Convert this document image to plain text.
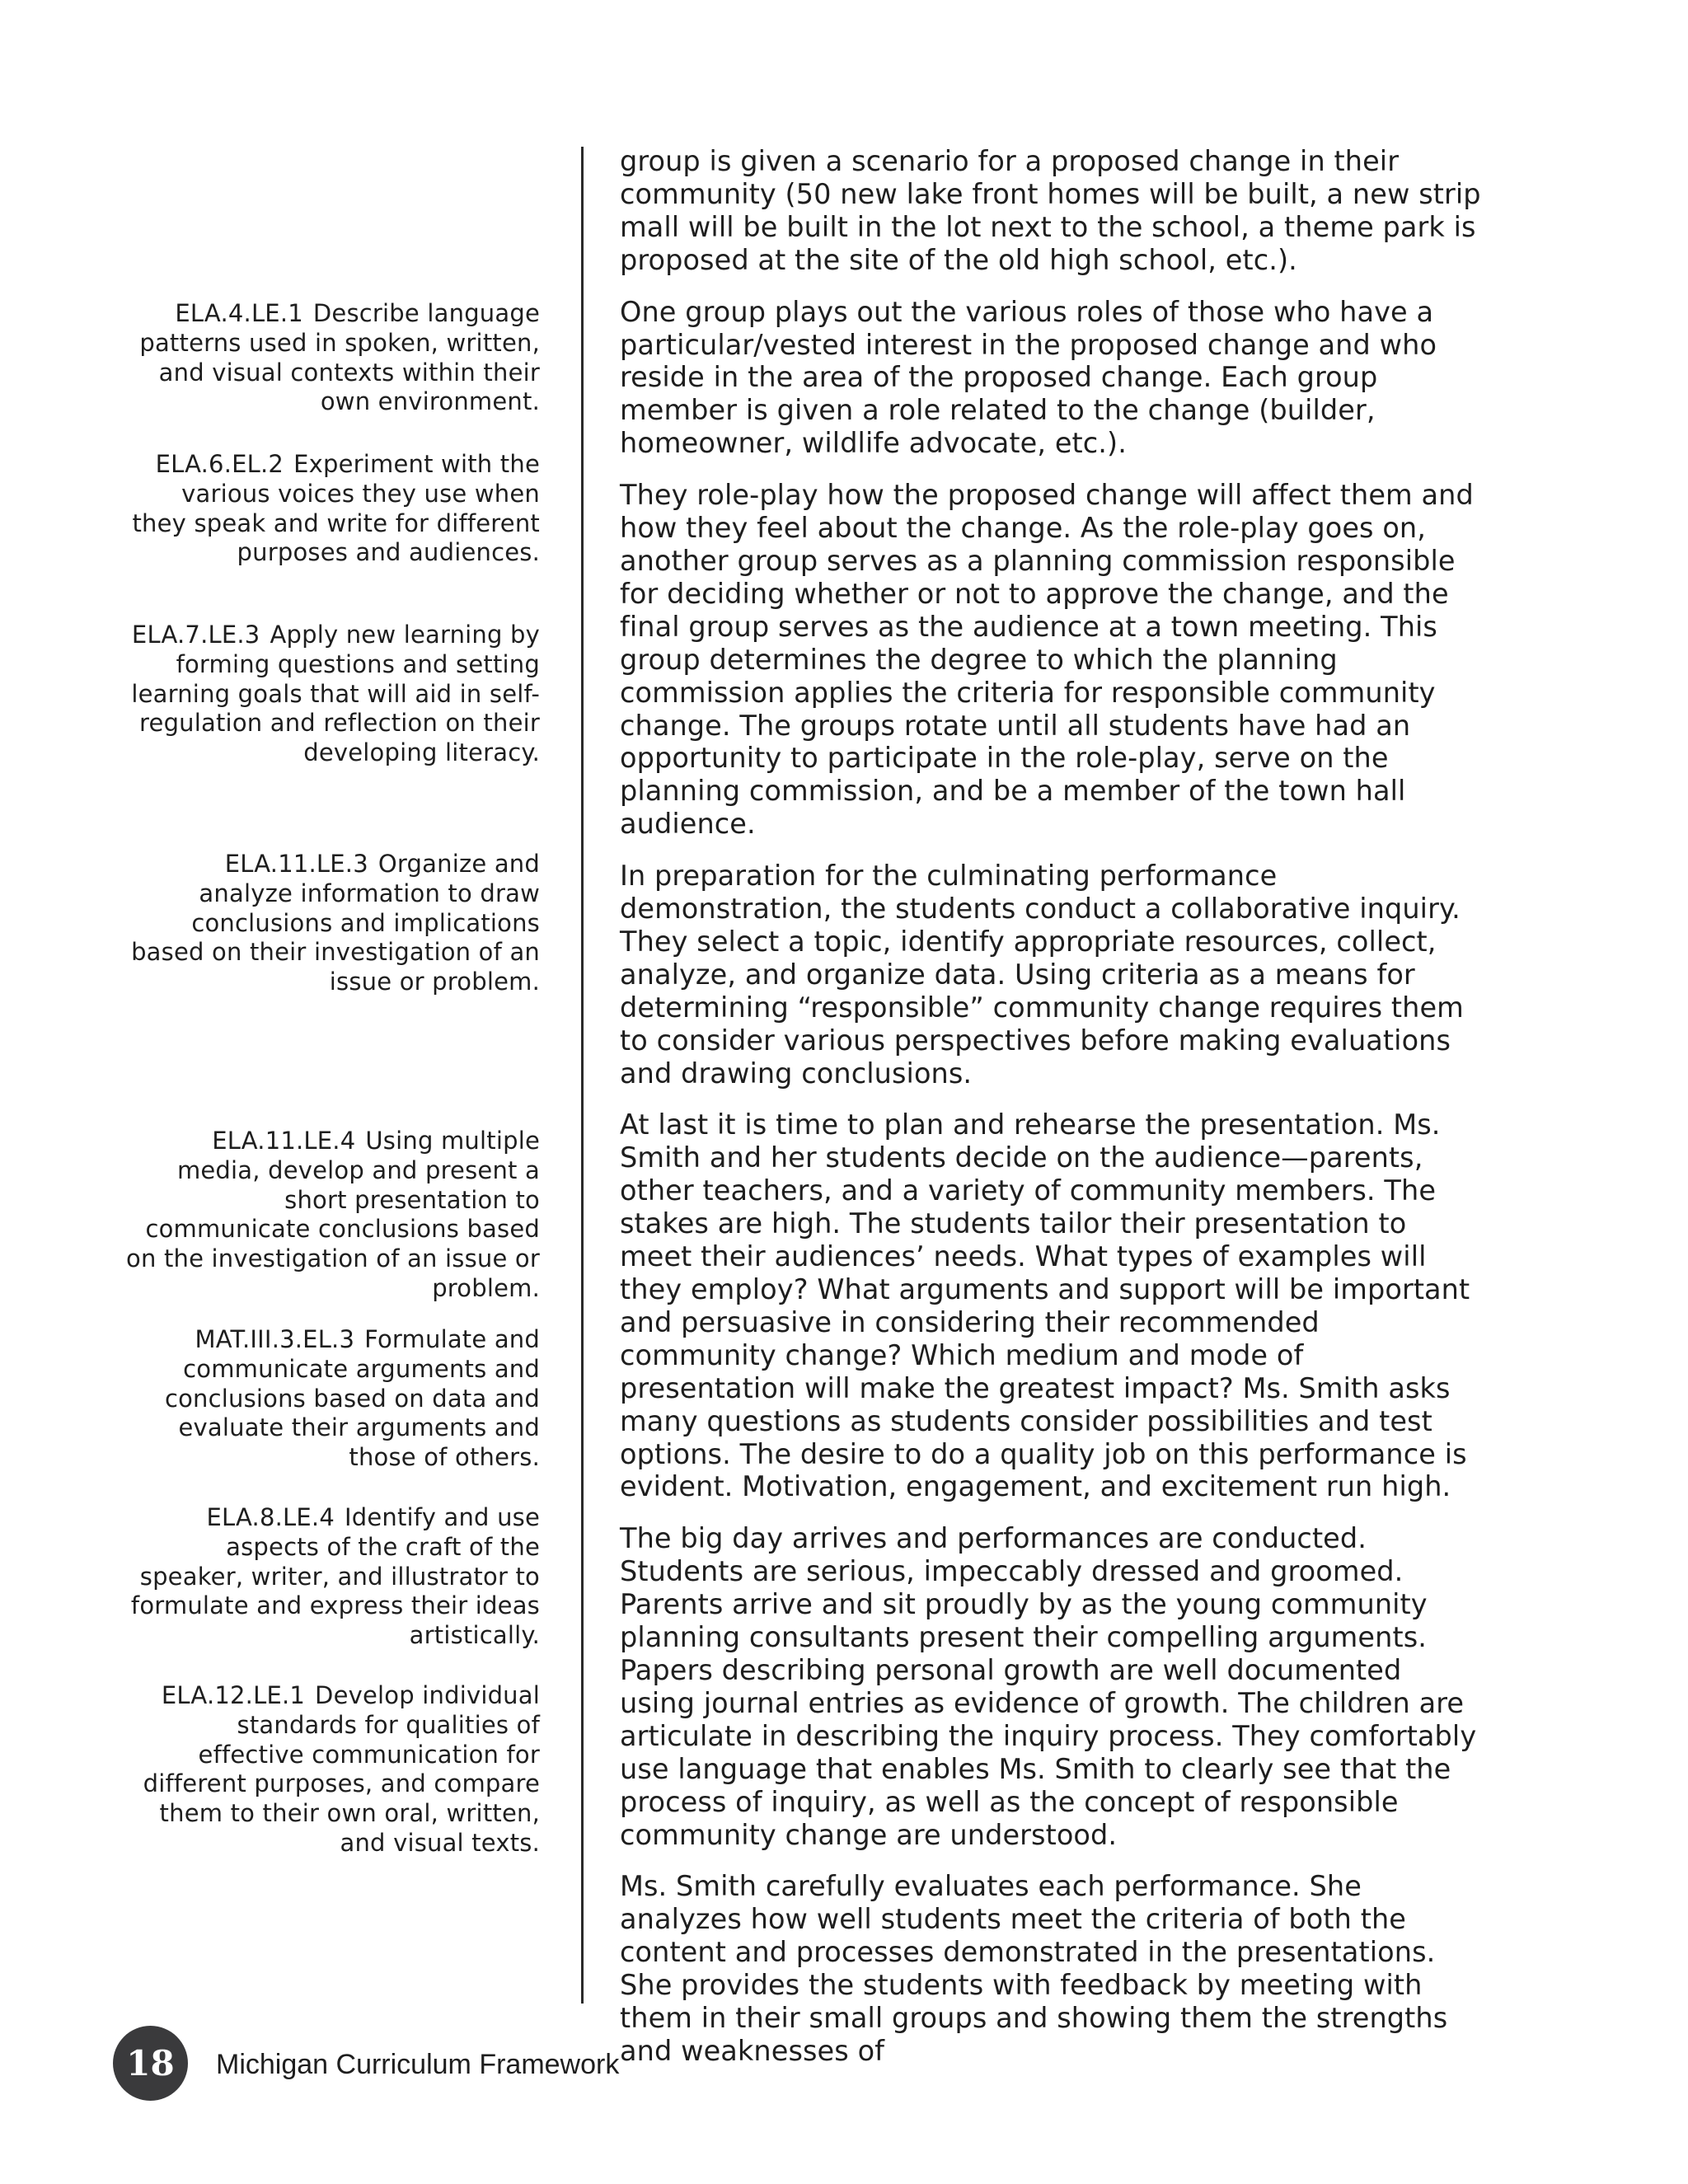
ELA.4.LE.1 Describe language patterns used in spoken, written, and visual contexts within their own environment.

ELA.6.EL.2 Experiment with the various voices they use when they speak and write for different purposes and audiences.

ELA.7.LE.3 Apply new learning by forming questions and setting learning goals that will aid in self-regulation and reflection on their developing literacy.

ELA.11.LE.3 Organize and analyze information to draw conclusions and implications based on their investigation of an issue or problem.

ELA.11.LE.4 Using multiple media, develop and present a short presentation to communicate conclusions based on the investigation of an issue or problem.

MAT.III.3.EL.3 Formulate and communicate arguments and conclusions based on data and evaluate their arguments and those of others.

ELA.8.LE.4 Identify and use aspects of the craft of the speaker, writer, and illustrator to formulate and express their ideas artistically.

ELA.12.LE.1 Develop individual standards for qualities of effective communication for different purposes, and compare them to their own oral, written, and visual texts.

group is given a scenario for a proposed change in their community (50 new lake front homes will be built, a new strip mall will be built in the lot next to the school, a theme park is proposed at the site of the old high school, etc.).

One group plays out the various roles of those who have a particular/vested interest in the proposed change and who reside in the area of the proposed change. Each group member is given a role related to the change (builder, homeowner, wildlife advocate, etc.).

They role-play how the proposed change will affect them and how they feel about the change. As the role-play goes on, another group serves as a planning commission responsible for deciding whether or not to approve the change, and the final group serves as the audience at a town meeting. This group determines the degree to which the planning commission applies the criteria for responsible community change. The groups rotate until all students have had an opportunity to participate in the role-play, serve on the planning commission, and be a member of the town hall audience.

In preparation for the culminating performance demonstration, the students conduct a collaborative inquiry. They select a topic, identify appropriate resources, collect, analyze, and organize data. Using criteria as a means for determining “responsible” community change requires them to consider various perspectives before making evaluations and drawing conclusions.

At last it is time to plan and rehearse the presentation. Ms. Smith and her students decide on the audience—parents, other teachers, and a variety of community members. The stakes are high. The students tailor their presentation to meet their audiences’ needs. What types of examples will they employ? What arguments and support will be important and persuasive in considering their recommended community change? Which medium and mode of presentation will make the greatest impact? Ms. Smith asks many questions as students consider possibilities and test options. The desire to do a quality job on this performance is evident. Motivation, engagement, and excitement run high.

The big day arrives and performances are conducted. Students are serious, impeccably dressed and groomed. Parents arrive and sit proudly by as the young community planning consultants present their compelling arguments. Papers describing personal growth are well documented using journal entries as evidence of growth. The children are articulate in describing the inquiry process. They comfortably use language that enables Ms. Smith to clearly see that the process of inquiry, as well as the concept of responsible community change are understood.

Ms. Smith carefully evaluates each performance. She analyzes how well students meet the criteria of both the content and processes demonstrated in the presentations. She provides the students with feedback by meeting with them in their small groups and showing them the strengths and weaknesses of

18	Michigan Curriculum Framework
